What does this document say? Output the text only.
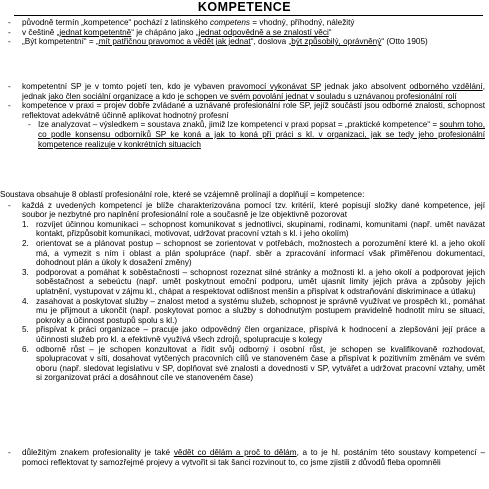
KOMPETENCE
- původně termín „kompetence“ pochází z latinského competens = vhodný, příhodný, náležitý
- v češtině „jednat kompetentně“ je chápáno jako „jednat odpovědně a se znalostí věci“
- „Být kompetentní“ = „mít patřičnou pravomoc a vědět jak jednat“, doslova „být způsobilý, oprávněný“ (Otto 1905)
- kompetentní SP je v tomto pojetí ten, kdo je vybaven pravomocí vykonávat SP jednak jako absolvent odborného vzdělání, jednak jako člen sociální organizace a kdo je schopen ve svém povolání jednat v souladu s uznávanou profesionální rolí
- kompetence v praxi = projev dobře zvládané a uznávané profesionální role SP, jejíž součástí jsou odborné znalosti, schopnost reflektovat adekvátně účinně aplikovat hodnotný profesní
- Ize analyzovat – výsledkem = soustava znaků, jimiž lze kompetenci v praxi popsat = „praktické kompetence“ = souhrn toho, co podle konsensu odborníků SP ke koná a jak to koná při práci s kl. v organizaci, jak se tedy jeho profesionální kompetence realizuje v konkrétních situacích
Soustava obsahuje 8 oblastí profesionální role, které se vzájemně prolínají a doplňují = kompetence:
- každá z uvedených kompetencí je blíže charakterizována pomocí tzv. kritérií, které popisují složky dané kompetence, její soubor je nezbytné pro naplnění profesionální role a současně je lze objektivně pozorovat
1. rozvíjet účinnou komunikaci – schopnost komunikovat s jednotlivci, skupinami, rodinami, komunitami (např. umět navázat kontakt, přizpůsobit komunikaci, motivovat, udržovat pracovní vztah s kl. i jeho okolím)
2. orientovat se a plánovat postup – schopnost se zorientovat v potřebách, možnostech a porozumění které kl. a jeho okolí má, a vymezit s ním i oblast a plán spolupráce (např. sběr a zpracování informací však přiměřenou dokumentaci, dohodnout plán a úkoly k dosažení změny)
3. podporovat a pomáhat k soběstačnosti – schopnost rozeznat silné stránky a možnosti kl. a jeho okolí a podporovat jejich soběstačnost a sebeúctu (např. umět poskytnout emoční podporu, umět ujasnit limity jejich práva a způsoby jejich uplatnění, vystupovat v zájmu kl., chápat a respektovat odlišnost menšin a přispívat k odstraňování diskriminace a útlaku)
4. zasahovat a poskytovat služby – znalost metod a systému služeb, schopnost je správně využívat ve prospěch kl., pomáhat mu je přijmout a ukončit (např. poskytovat pomoc a služby s dohodnutým postupem pravidelně hodnotit míru se situaci, pokroky a účinnost postupů spolu s kl.)
5. přispívat k práci organizace – pracuje jako odpovědný člen organizace, přispívá k hodnocení a zlepšování její práce a účinnosti služeb pro kl. a efektivně využívá všech zdrojů, spolupracuje s kolegy
6. odborně růst – je schopen konzultovat a řídit svůj odborný i osobní růst, je schopen se kvalifikovaně rozhodovat, spolupracovat v síti, dosahovat vytčených pracovních cílů ve stanoveném čase a přispívat k pozitivním změnám ve svém oboru (např. sledovat legislativu v SP, doplňovat své znalosti a dovednosti v SP, vytvářet a udržovat pracovní vztahy, umět si zorganizovat práci a dosáhnout cíle ve stanoveném čase)
- důležitým znakem profesionality je také vědět co dělám a proč to dělám, a to je hl. postáním této soustavy kompetencí – pomoci reflektovat ty samozřejmé projevy a vytvořit si tak šanci rozvinout to, co jsme zjistili z důvodů fleba opomněli
